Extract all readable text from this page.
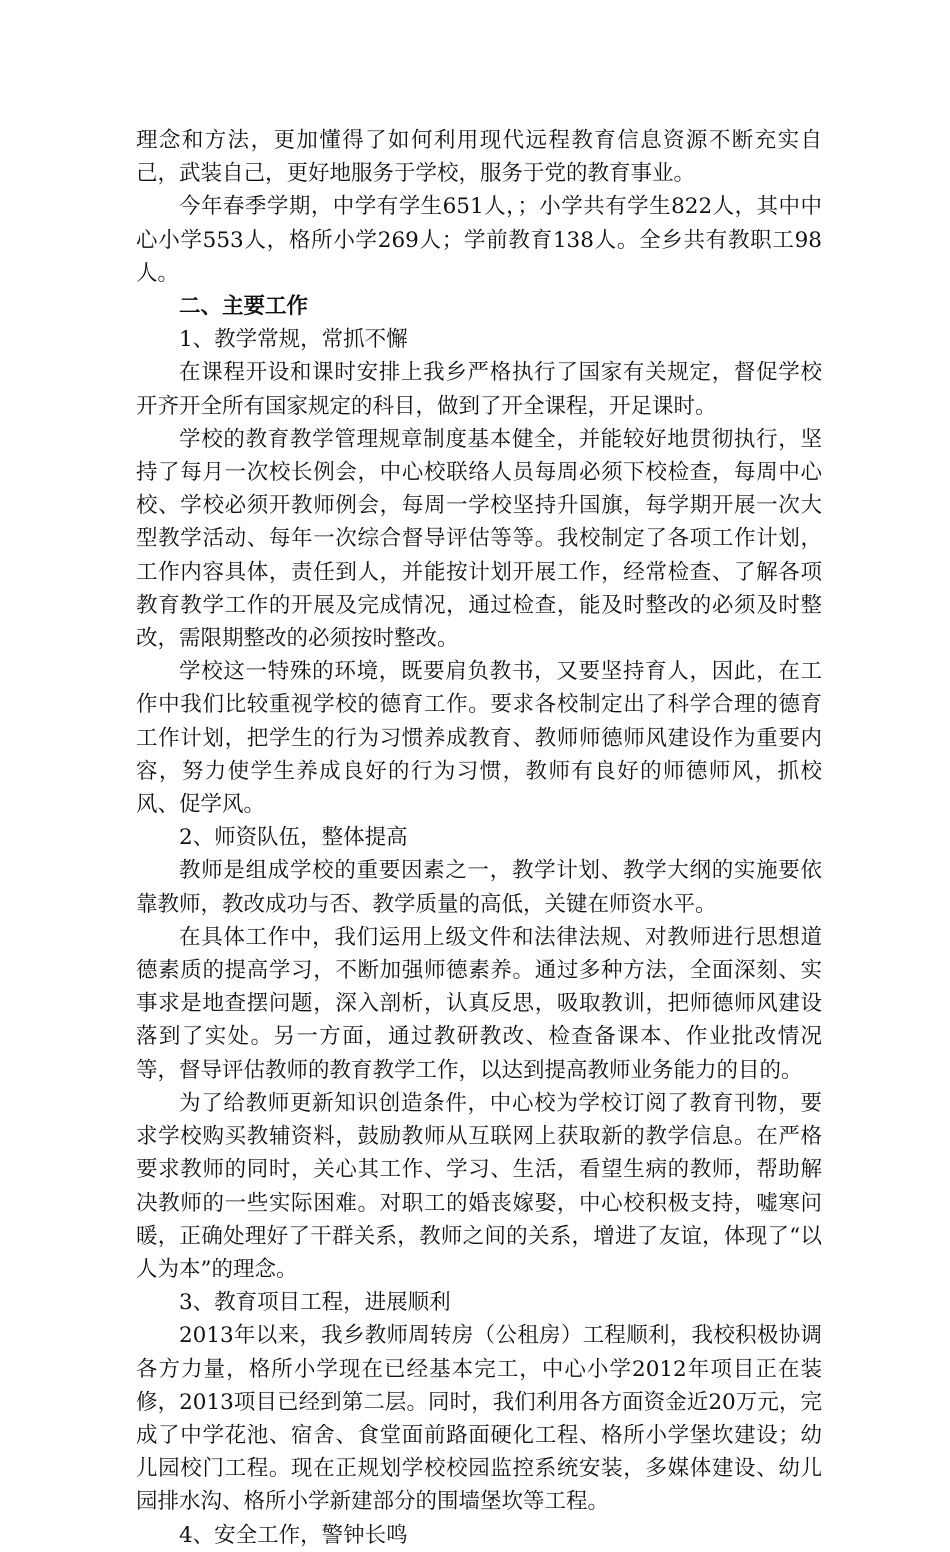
理念和方法，更加懂得了如何利用现代远程教育信息资源不断充实自己，武装自己，更好地服务于学校，服务于党的教育事业。

今年春季学期，中学有学生651人，；小学共有学生822人，其中中心小学553人，格所小学269人；学前教育138人。全乡共有教职工98人。

二、主要工作

1、教学常规，常抓不懈

在课程开设和课时安排上我乡严格执行了国家有关规定，督促学校开齐开全所有国家规定的科目，做到了开全课程，开足课时。

学校的教育教学管理规章制度基本健全，并能较好地贯彻执行，坚持了每月一次校长例会，中心校联络人员每周必须下校检查，每周中心校、学校必须开教师例会，每周一学校坚持升国旗，每学期开展一次大型教学活动、每年一次综合督导评估等等。我校制定了各项工作计划，工作内容具体，责任到人，并能按计划开展工作，经常检查、了解各项教育教学工作的开展及完成情况，通过检查，能及时整改的必须及时整改，需限期整改的必须按时整改。

学校这一特殊的环境，既要肩负教书，又要坚持育人，因此，在工作中我们比较重视学校的德育工作。要求各校制定出了科学合理的德育工作计划，把学生的行为习惯养成教育、教师师德师风建设作为重要内容，努力使学生养成良好的行为习惯，教师有良好的师德师风，抓校风、促学风。

2、师资队伍，整体提高

教师是组成学校的重要因素之一，教学计划、教学大纲的实施要依靠教师，教改成功与否、教学质量的高低，关键在师资水平。

在具体工作中，我们运用上级文件和法律法规、对教师进行思想道德素质的提高学习，不断加强师德素养。通过多种方法，全面深刻、实事求是地查摆问题，深入剖析，认真反思，吸取教训，把师德师风建设落到了实处。另一方面，通过教研教改、检查备课本、作业批改情况等，督导评估教师的教育教学工作，以达到提高教师业务能力的目的。

为了给教师更新知识创造条件，中心校为学校订阅了教育刊物，要求学校购买教辅资料，鼓励教师从互联网上获取新的教学信息。在严格要求教师的同时，关心其工作、学习、生活，看望生病的教师，帮助解决教师的一些实际困难。对职工的婚丧嫁娶，中心校积极支持，嘘寒问暖，正确处理好了干群关系，教师之间的关系，增进了友谊，体现了“以人为本”的理念。

3、教育项目工程，进展顺利

2013年以来，我乡教师周转房（公租房）工程顺利，我校积极协调各方力量，格所小学现在已经基本完工，中心小学2012年项目正在装修，2013项目已经到第二层。同时，我们利用各方面资金近20万元，完成了中学花池、宿舍、食堂面前路面硬化工程、格所小学堡坎建设；幼儿园校门工程。现在正规划学校校园监控系统安装，多媒体建设、幼儿园排水沟、格所小学新建部分的围墙堡坎等工程。

4、安全工作，警钟长鸣
